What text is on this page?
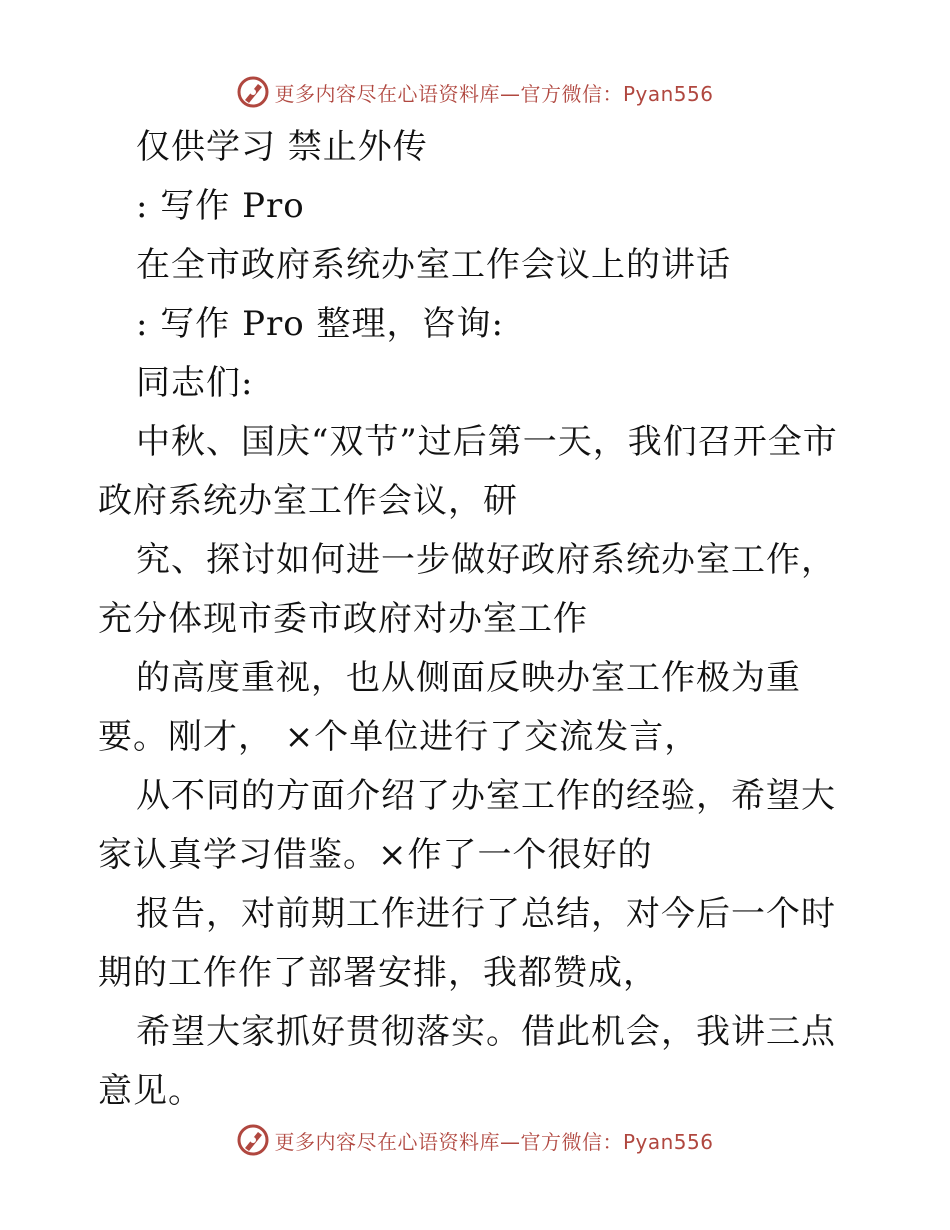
更多内容尽在心语资料库—官方微信：Pyan556

仅供学习 禁止外传

: 写作 Pro

在全市政府系统办室工作会议上的讲话

: 写作 Pro 整理，咨询:

同志们:

中秋、国庆“双节”过后第一天，我们召开全市政府系统办室工作会议，研

究、探讨如何进一步做好政府系统办室工作，充分体现市委市政府对办室工作

的高度重视，也从侧面反映办室工作极为重要。刚才， ×个单位进行了交流发言，

从不同的方面介绍了办室工作的经验，希望大家认真学习借鉴。×作了一个很好的

报告，对前期工作进行了总结，对今后一个时期的工作作了部署安排，我都赞成，

希望大家抓好贯彻落实。借此机会，我讲三点意见。

更多内容尽在心语资料库—官方微信：Pyan556
